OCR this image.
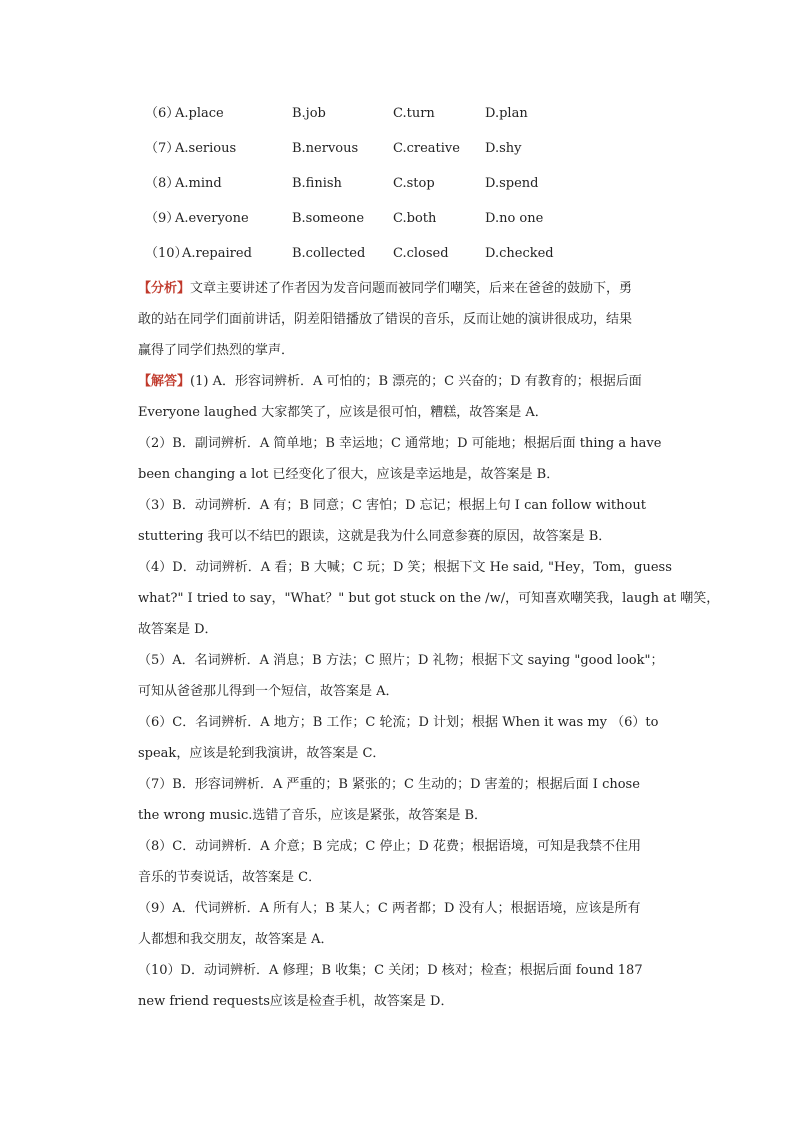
（6）
A.place	B.job	C.turn	D.plan
（7）
A.serious	B.nervous	C.creative D.shy
（8）
A.mind	B.finish	C.stop	D.spend
（9）
A.everyone	B.someone C.both	D.no one
（10）
A.repaired	B.collected C.closed	D.checked
【分析】文章主要讲述了作者因为发音问题而被同学们嘲笑，后来在爸爸的鼓励下，勇
敢的站在同学们面前讲话，阴差阳错播放了错误的音乐，反而让她的演讲很成功，结果
赢得了同学们热烈的掌声．
【解答】(1) A．形容词辨析．A 可怕的；B 漂亮的；C 兴奋的；D 有教育的；根据后面
Everyone laughed 大家都笑了，应该是很可怕，糟糕，故答案是 A．
（2）B．副词辨析．A 简单地；B 幸运地；C 通常地；D 可能地；根据后面 thing a have
been changing a lot 已经变化了很大，应该是幸运地是，故答案是 B．
（3）B．动词辨析．A 有；B 同意；C 害怕；D 忘记；根据上句 I can follow without
stuttering 我可以不结巴的跟读，这就是我为什么同意参赛的原因，故答案是 B．
（4）D．动词辨析．A 看；B 大喊；C 玩；D 笑；根据下文 He said, "Hey，Tom，guess
what?" I tried to say，"What？" but got stuck on the /w/，可知喜欢嘲笑我，laugh at 嘲笑，
故答案是 D．
（5）A．名词辨析．A 消息；B 方法；C 照片；D 礼物；根据下文 saying "good look"；
可知从爸爸那儿得到一个短信，故答案是 A．
（6）C．名词辨析．A 地方；B 工作；C 轮流；D 计划；根据 When it was my （6）to
speak，应该是轮到我演讲，故答案是 C．
（7）B．形容词辨析．A 严重的；B 紧张的；C 生动的；D 害羞的；根据后面 I chose
the wrong music.选错了音乐，应该是紧张，故答案是 B．
（8）C．动词辨析．A 介意；B 完成；C 停止；D 花费；根据语境，可知是我禁不住用
音乐的节奏说话，故答案是 C．
（9）A．代词辨析．A 所有人；B 某人；C 两者都；D 没有人；根据语境，应该是所有
人都想和我交朋友，故答案是 A．
（10）D．动词辨析．A 修理；B 收集；C 关闭；D 核对；检查；根据后面 found 187
new friend requests应该是检查手机，故答案是 D．
